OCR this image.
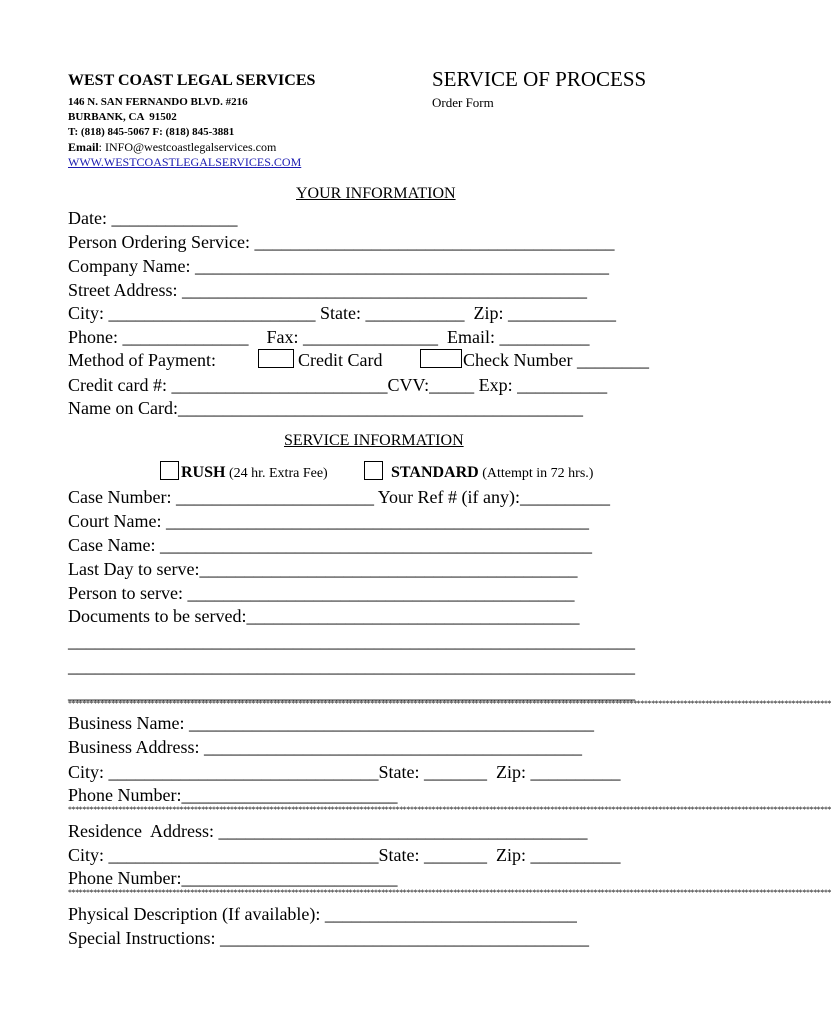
WEST COAST LEGAL SERVICES
146 N. SAN FERNANDO BLVD. #216
BURBANK, CA  91502
T: (818) 845-5067 F: (818) 845-3881
Email: INFO@westcoastlegalservices.com
WWW.WESTCOASTLEGALSERVICES.COM
SERVICE OF PROCESS
Order Form
YOUR INFORMATION
Date: ______________
Person Ordering Service: ________________________________________
Company Name: ______________________________________________
Street Address: _____________________________________________
City: _______________________ State: ___________  Zip: ____________
Phone: ______________    Fax: _______________  Email: __________
Method of Payment:	Credit Card	Check Number ________
Credit card #: ________________________CVV:_____ Exp: __________
Name on Card:_____________________________________________
SERVICE INFORMATION
RUSH (24 hr. Extra Fee)	STANDARD (Attempt in 72 hrs.)
Case Number: ______________________ Your Ref # (if any):__________
Court Name: _______________________________________________
Case Name: ________________________________________________
Last Day to serve:__________________________________________
Person to serve: ___________________________________________
Documents to be served:_____________________________________
_______________________________________________________________
_______________________________________________________________
_______________________________________________________________
********************************************************************************************************************************************************************************************************************
Business Name: _____________________________________________
Business Address: __________________________________________
City: ______________________________State: _______  Zip: __________
Phone Number:________________________
********************************************************************************************************************************************************************************************************************
Residence  Address: _________________________________________
City: ______________________________State: _______  Zip: __________
Phone Number:________________________
********************************************************************************************************************************************************************************************************************
Physical Description (If available): ____________________________
Special Instructions: _________________________________________
